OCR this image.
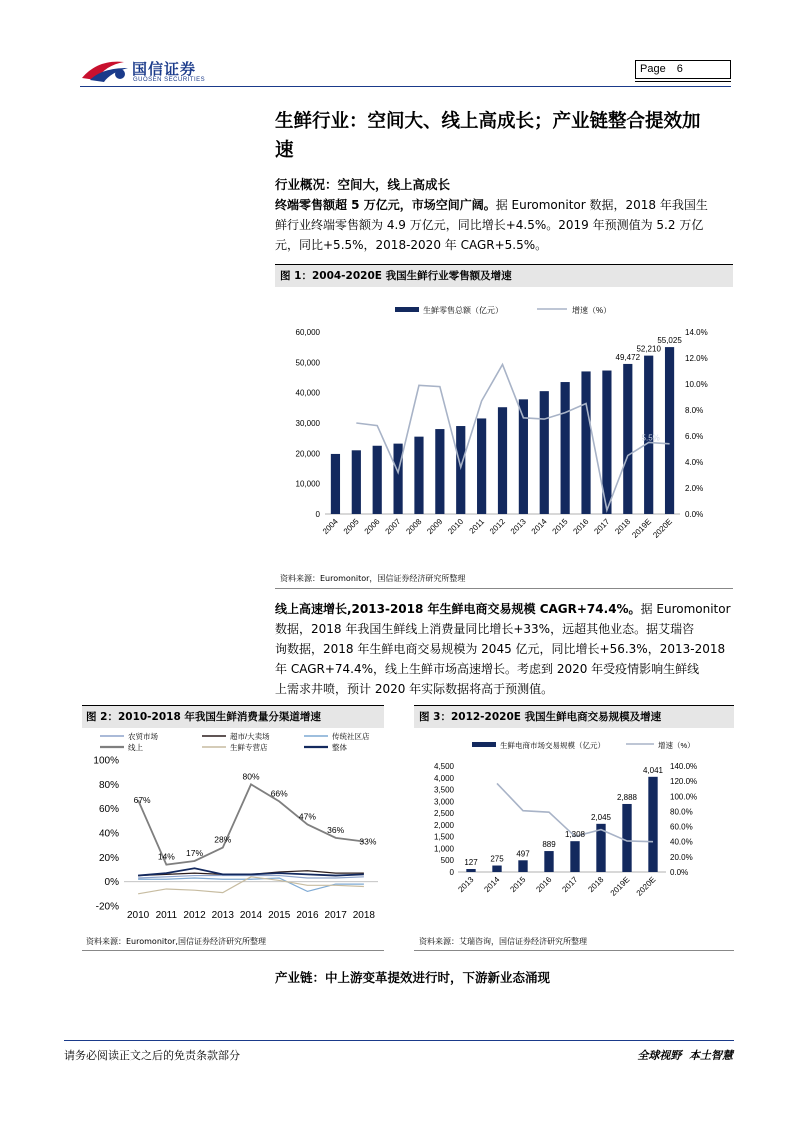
国信证券
GUOSEN SECURITIES
Page 6
生鲜行业：空间大、线上高成长；产业链整合提效加
速
行业概况：空间大，线上高成长
终端零售额超 5 万亿元，市场空间广阔。据 Euromonitor 数据，2018 年我国生
鲜行业终端零售额为 4.9 万亿元，同比增长+4.5%。2019 年预测值为 5.2 万亿
元，同比+5.5%，2018-2020 年 CAGR+5.5%。
图 1：2004-2020E 我国生鲜行业零售额及增速
生鲜零售总额（亿元）	增速（%）
0
10,000
20,000
30,000
40,000
50,000
60,000
0.0%
2.0%
4.0%
6.0%
8.0%
10.0%
12.0%
14.0%
2004 2005 2006 2007 2008 2009 2010 2011 2012 2013 2014 2015 2016 2017 2018
2019E
2020E
49,472
52,210
55,025
5.5%
资料来源：Euromonitor，国信证券经济研究所整理
线上高速增长,2013-2018 年生鲜电商交易规模 CAGR+74.4%。据 Euromonitor
数据，2018 年我国生鲜线上消费量同比增长+33%，远超其他业态。据艾瑞咨
询数据，2018 年生鲜电商交易规模为 2045 亿元，同比增长+56.3%，2013-2018
年 CAGR+74.4%，线上生鲜市场高速增长。考虑到 2020 年受疫情影响生鲜线
上需求井喷，预计 2020 年实际数据将高于预测值。
图 2：2010-2018 年我国生鲜消费量分渠道增速
农贸市场	超市/大卖场	传统社区店
线上	生鲜专营店	整体
-20%
0%
20%
40%
60%
80%
100%
2010 2011 2012 2013 2014 2015 2016 2017 2018
67%
14% 17%
28%
80%
66%
47%
36%
33%
资料来源：Euromonitor,国信证券经济研究所整理
图 3：2012-2020E 我国生鲜电商交易规模及增速
生鲜电商市场交易规模（亿元）	增速（%）
0
500
1,000
1,500
2,000
2,500
3,000
3,500
4,000
4,500
0.0%
20.0%
40.0%
60.0%
80.0%
100.0%
120.0%
140.0%
2013 2014 2015 2016 2017 2018 2019E 2020E
127 275
497
889
1,308
2,045
2,888
4,041
资料来源：艾瑞咨询，国信证券经济研究所整理
产业链：中上游变革提效进行时，下游新业态涌现
请务必阅读正文之后的免责条款部分	全球视野  本土智慧
